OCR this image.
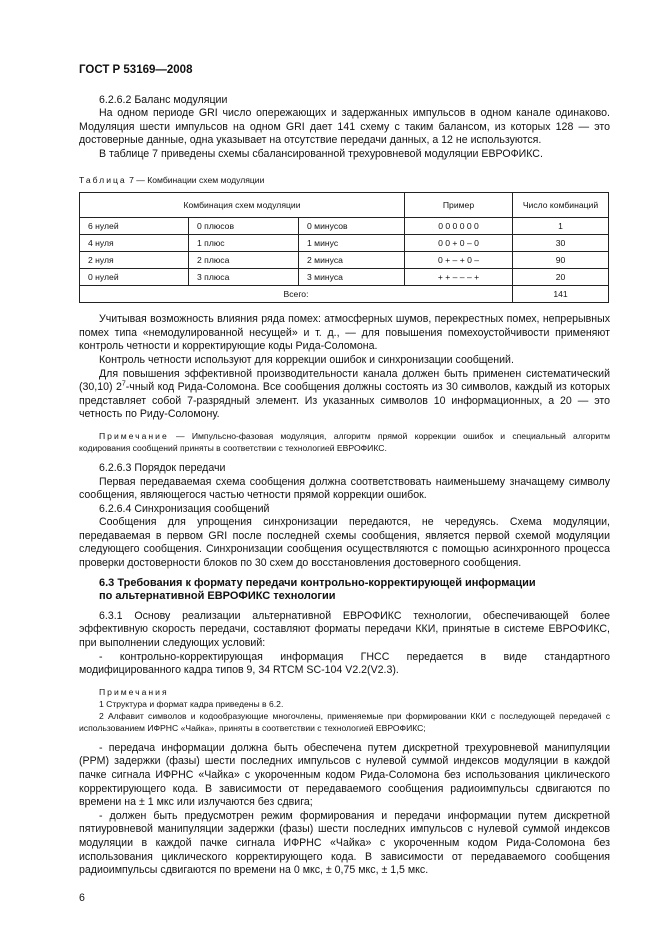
ГОСТ Р 53169—2008

6.2.6.2 Баланс модуляции

На одном периоде GRI число опережающих и задержанных импульсов в одном канале одинаково. Модуляция шести импульсов на одном GRI дает 141 схему с таким балансом, из которых 128 — это достоверные данные, одна указывает на отсутствие передачи данных, а 12 не используются.

В таблице 7 приведены схемы сбалансированной трехуровневой модуляции ЕВРОФИКС.

Таблица 7 — Комбинации схем модуляции

Комбинация схем модуляции			Пример	Число комбинаций
6 нулей	0 плюсов	0 минусов	0 0 0 0 0 0	1
4 нуля	1 плюс	1 минус	0 0 + 0 – 0	30
2 нуля	2 плюса	2 минуса	0 + – + 0 –	90
0 нулей	3 плюса	3 минуса	+ + – – – +	20
Всего:				141

Учитывая возможность влияния ряда помех: атмосферных шумов, перекрестных помех, непрерывных помех типа «немодулированной несущей» и т. д., — для повышения помехоустойчивости применяют контроль четности и корректирующие коды Рида-Соломона.

Контроль четности используют для коррекции ошибок и синхронизации сообщений.

Для повышения эффективной производительности канала должен быть применен систематический (30,10) $2^7$-чный код Рида-Соломона. Все сообщения должны состоять из 30 символов, каждый из которых представляет собой 7-разрядный элемент. Из указанных символов 10 информационных, а 20 — это четность по Риду-Соломону.

Примечание — Импульсно-фазовая модуляция, алгоритм прямой коррекции ошибок и специальный алгоритм кодирования сообщений приняты в соответствии с технологией ЕВРОФИКС.

6.2.6.3 Порядок передачи

Первая передаваемая схема сообщения должна соответствовать наименьшему значащему символу сообщения, являющегося частью четности прямой коррекции ошибок.

6.2.6.4 Синхронизация сообщений

Сообщения для упрощения синхронизации передаются, не чередуясь. Схема модуляции, передаваемая в первом GRI после последней схемы сообщения, является первой схемой модуляции следующего сообщения. Синхронизации сообщения осуществляются с помощью асинхронного процесса проверки достоверности блоков по 30 схем до восстановления достоверного сообщения.

6.3 Требования к формату передачи контрольно-корректирующей информации
по альтернативной ЕВРОФИКС технологии

6.3.1 Основу реализации альтернативной ЕВРОФИКС технологии, обеспечивающей более эффективную скорость передачи, составляют форматы передачи ККИ, принятые в системе ЕВРОФИКС, при выполнении следующих условий:

- контрольно-корректирующая информация ГНСС передается в виде стандартного модифицированного кадра типов 9, 34 RTCM SC-104 V2.2(V2.3).

Примечания

1 Структура и формат кадра приведены в 6.2.

2 Алфавит символов и кодообразующие многочлены, применяемые при формировании ККИ с последующей передачей с использованием ИФРНС «Чайка», приняты в соответствии с технологией ЕВРОФИКС;

- передача информации должна быть обеспечена путем дискретной трехуровневой манипуляции (PPM) задержки (фазы) шести последних импульсов с нулевой суммой индексов модуляции в каждой пачке сигнала ИФРНС «Чайка» с укороченным кодом Рида-Соломона без использования циклического корректирующего кода. В зависимости от передаваемого сообщения радиоимпульсы сдвигаются по времени на ± 1 мкс или излучаются без сдвига;

- должен быть предусмотрен режим формирования и передачи информации путем дискретной пятиуровневой манипуляции задержки (фазы) шести последних импульсов с нулевой суммой индексов модуляции в каждой пачке сигнала ИФРНС «Чайка» с укороченным кодом Рида-Соломона без использования циклического корректирующего кода. В зависимости от передаваемого сообщения радиоимпульсы сдвигаются по времени на 0 мкс, ± 0,75 мкс, ± 1,5 мкс.

6
